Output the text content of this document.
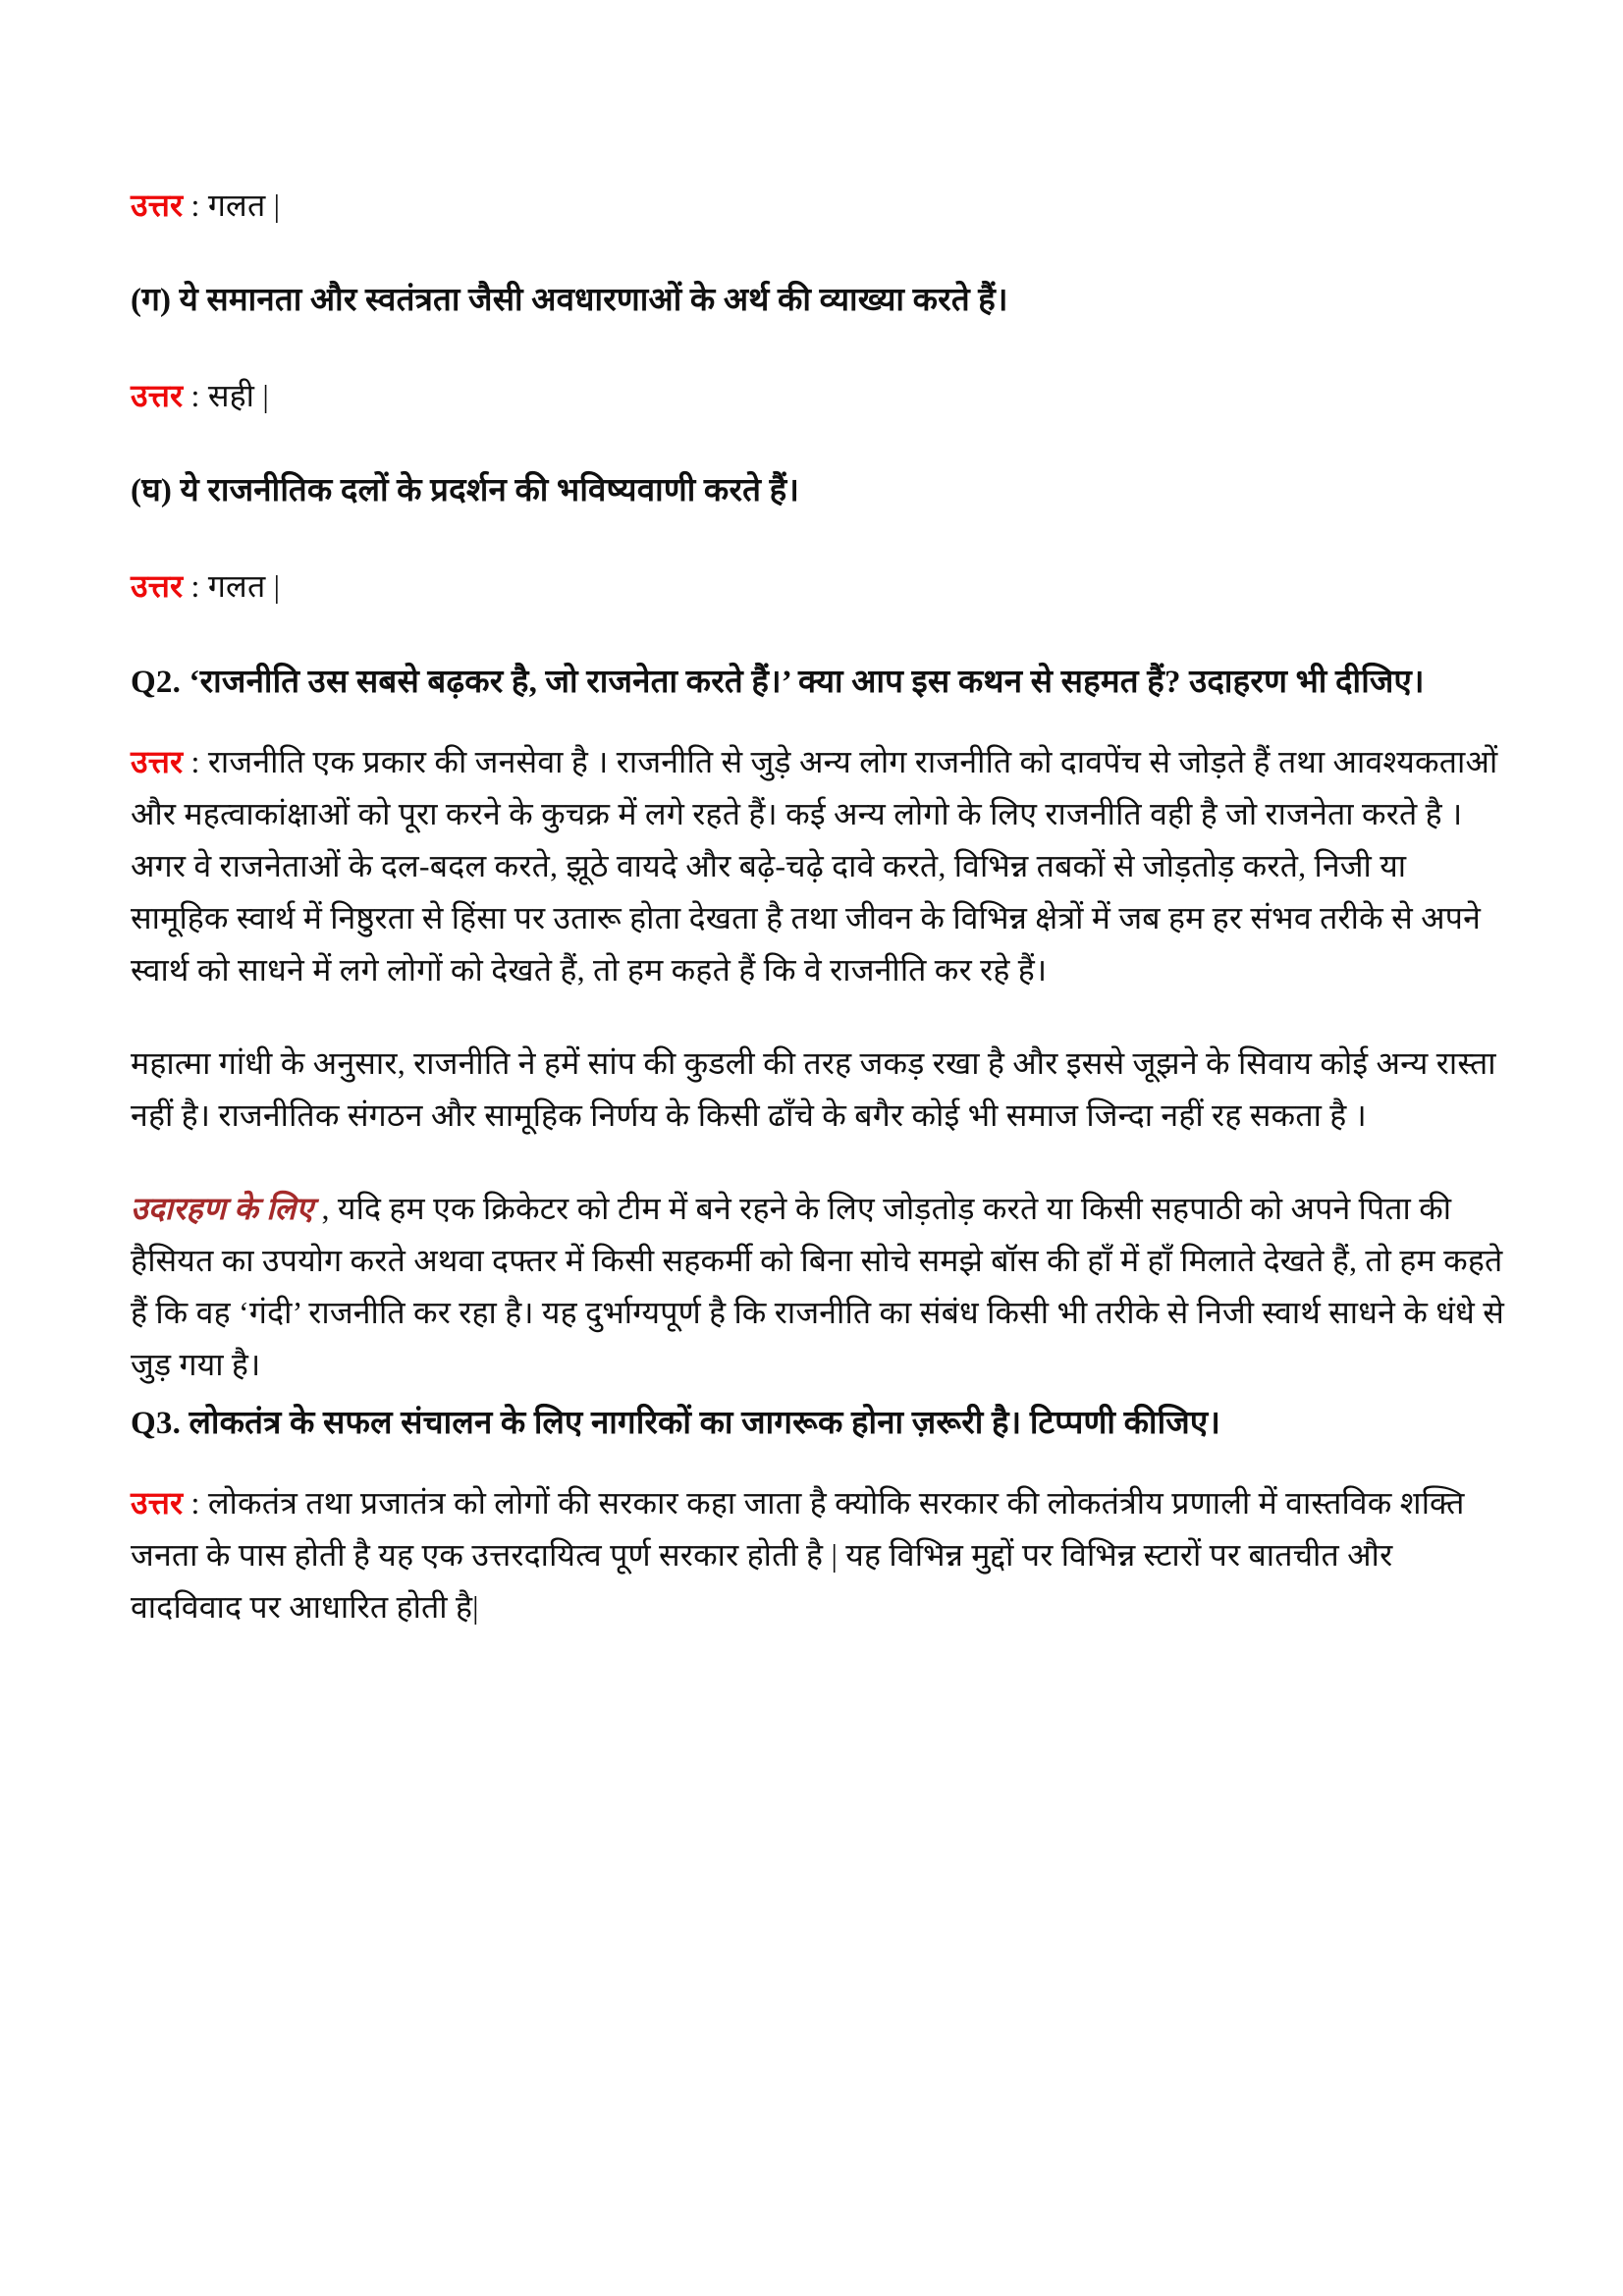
उत्तर : गलत |

(ग) ये समानता और स्वतंत्रता जैसी अवधारणाओं के अर्थ की व्याख्या करते हैं।

उत्तर : सही |

(घ) ये राजनीतिक दलों के प्रदर्शन की भविष्यवाणी करते हैं।

उत्तर : गलत |

Q2. ‘राजनीति उस सबसे बढ़कर है, जो राजनेता करते हैं।’ क्या आप इस कथन से सहमत हैं? उदाहरण भी दीजिए।

उत्तर : राजनीति एक प्रकार की जनसेवा है । राजनीति से जुड़े अन्य लोग राजनीति को दावपेंच से जोड़ते हैं तथा आवश्यकताओं और महत्वाकांक्षाओं को पूरा करने के कुचक्र में लगे रहते हैं। कई अन्य लोगो के लिए राजनीति वही है जो राजनेता करते है । अगर वे राजनेताओं के दल-बदल करते, झूठे वायदे और बढ़े-चढ़े दावे करते, विभिन्न तबकों से जोड़तोड़ करते, निजी या सामूहिक स्वार्थ में निष्ठुरता से हिंसा पर उतारू होता देखता है तथा जीवन के विभिन्न क्षेत्रों में जब हम हर संभव तरीके से अपने स्वार्थ को साधने में लगे लोगों को देखते हैं, तो हम कहते हैं कि वे राजनीति कर रहे हैं।

महात्मा गांधी के अनुसार, राजनीति ने हमें सांप की कुडली की तरह जकड़ रखा है और इससे जूझने के सिवाय कोई अन्य रास्ता नहीं है। राजनीतिक संगठन और सामूहिक निर्णय के किसी ढाँचे के बगैर कोई भी समाज जिन्दा नहीं रह सकता है ।

उदारहण के लिए , यदि हम एक क्रिकेटर को टीम में बने रहने के लिए जोड़तोड़ करते या किसी सहपाठी को अपने पिता की हैसियत का उपयोग करते अथवा दफ्तर में किसी सहकर्मी को बिना सोचे समझे बॉस की हाँ में हाँ मिलाते देखते हैं, तो हम कहते हैं कि वह ‘गंदी’ राजनीति कर रहा है। यह दुर्भाग्यपूर्ण है कि राजनीति का संबंध किसी भी तरीके से निजी स्वार्थ साधने के धंधे से जुड़ गया है।

Q3. लोकतंत्र के सफल संचालन के लिए नागरिकों का जागरूक होना ज़रूरी है। टिप्पणी कीजिए।

उत्तर : लोकतंत्र तथा प्रजातंत्र को लोगों की सरकार कहा जाता है क्योकि सरकार की लोकतंत्रीय प्रणाली में वास्तविक शक्ति जनता के पास होती है यह एक उत्तरदायित्व पूर्ण सरकार होती है | यह विभिन्न मुद्दों पर विभिन्न स्टारों पर बातचीत और वादविवाद पर आधारित होती है|
